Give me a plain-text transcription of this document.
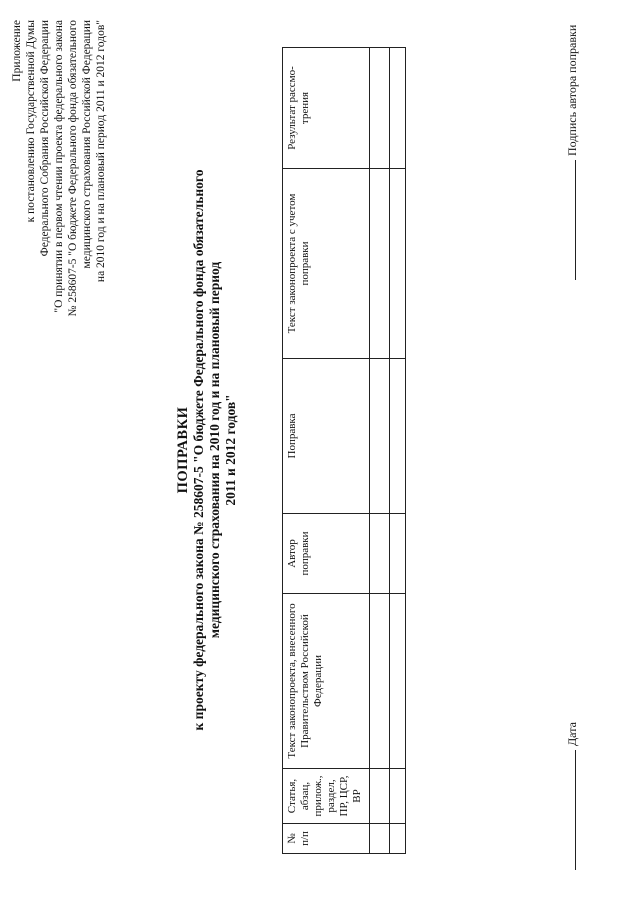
Приложение к постановлению Государственной Думы Федерального Собрания Российской Федерации "О принятии в первом чтении проекта федерального закона № 258607-5 "О бюджете Федерального фонда обязательного медицинского страхования Российской Федерации на 2010 год и на плановый период 2011 и 2012 годов"
ПОПРАВКИ к проекту федерального закона № 258607-5 "О бюджете Федерального фонда обязательного медицинского страхования на 2010 год и на плановый период 2011 и 2012 годов"
№ п/п	Статья, абзац, прилож., раздел, ПР, ЦСР, ВР	Текст законопроекта, внесенного Правительством Российской Федерации	Автор поправки	Поправка	Текст законопроекта с учетом поправки	Результат рассмо-трения

Дата
Подпись автора поправки
